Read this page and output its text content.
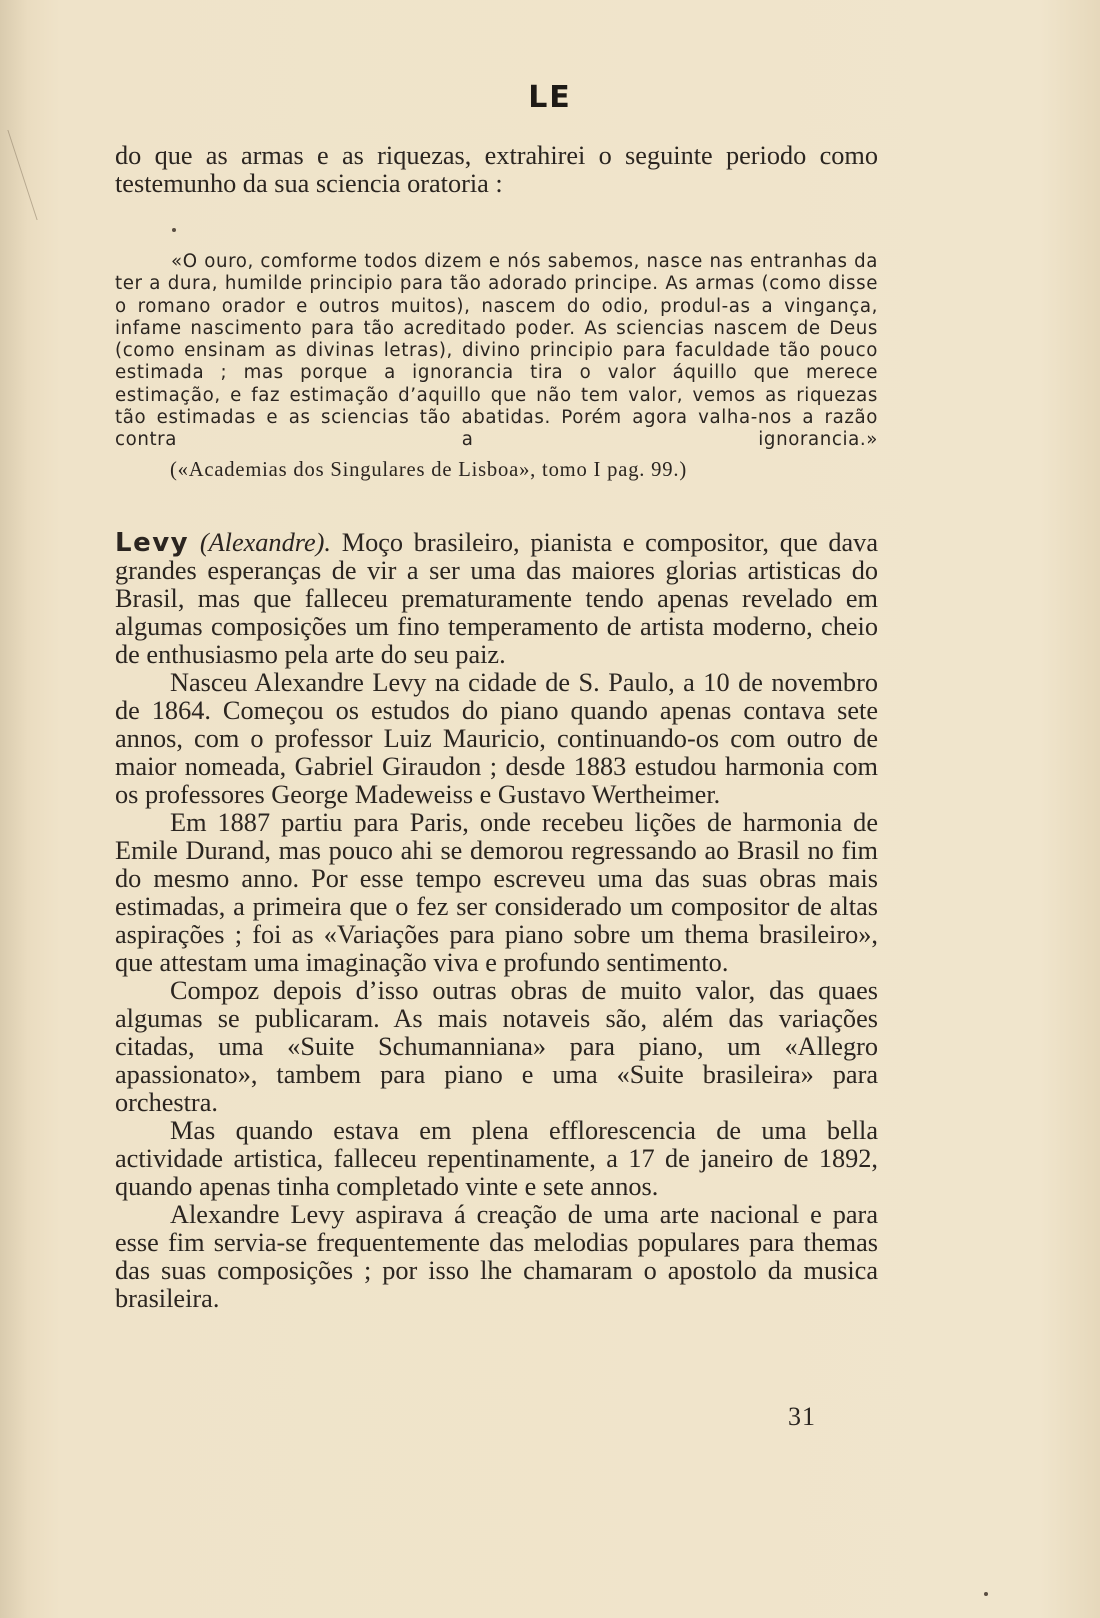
LE
do que as armas e as riquezas, extrahirei o seguinte periodo como testemunho da sua sciencia oratoria :

«O ouro, comforme todos dizem e nós sabemos, nasce nas entranhas da ter a dura, humilde principio para tão adorado principe. As armas (como disse o romano orador e outros muitos), nascem do odio, produl-as a vingança, infame nascimento para tão acreditado poder. As sciencias nascem de Deus (como ensinam as divinas letras), divino principio para faculdade tão pouco estimada ; mas porque a ignorancia tira o valor áquillo que merece estimação, e faz estimação d’aquillo que não tem valor, vemos as riquezas tão estimadas e as sciencias tão abatidas. Porém agora valha-nos a razão contra a ignorancia.»

(«Academias dos Singulares de Lisboa», tomo I pag. 99.)

Levy (Alexandre). Moço brasileiro, pianista e compositor, que dava grandes esperanças de vir a ser uma das maiores glorias artisticas do Brasil, mas que falleceu prematuramente tendo apenas revelado em algumas composições um fino temperamento de artista moderno, cheio de enthusiasmo pela arte do seu paiz.

Nasceu Alexandre Levy na cidade de S. Paulo, a 10 de novembro de 1864. Começou os estudos do piano quando apenas contava sete annos, com o professor Luiz Mauricio, continuando-os com outro de maior nomeada, Gabriel Giraudon ; desde 1883 estudou harmonia com os professores George Madeweiss e Gustavo Wertheimer.

Em 1887 partiu para Paris, onde recebeu lições de harmonia de Emile Durand, mas pouco ahi se demorou regressando ao Brasil no fim do mesmo anno. Por esse tempo escreveu uma das suas obras mais estimadas, a primeira que o fez ser considerado um compositor de altas aspirações ; foi as «Variações para piano sobre um thema brasileiro», que attestam uma imaginação viva e profundo sentimento.

Compoz depois d’isso outras obras de muito valor, das quaes algumas se publicaram. As mais notaveis são, além das variações citadas, uma «Suite Schumanniana» para piano, um «Allegro apassionato», tambem para piano e uma «Suite brasileira» para orchestra.

Mas quando estava em plena efflorescencia de uma bella actividade artistica, falleceu repentinamente, a 17 de janeiro de 1892, quando apenas tinha completado vinte e sete annos.

Alexandre Levy aspirava á creação de uma arte nacional e para esse fim servia-se frequentemente das melodias populares para themas das suas composições ; por isso lhe chamaram o apostolo da musica brasileira.

31
